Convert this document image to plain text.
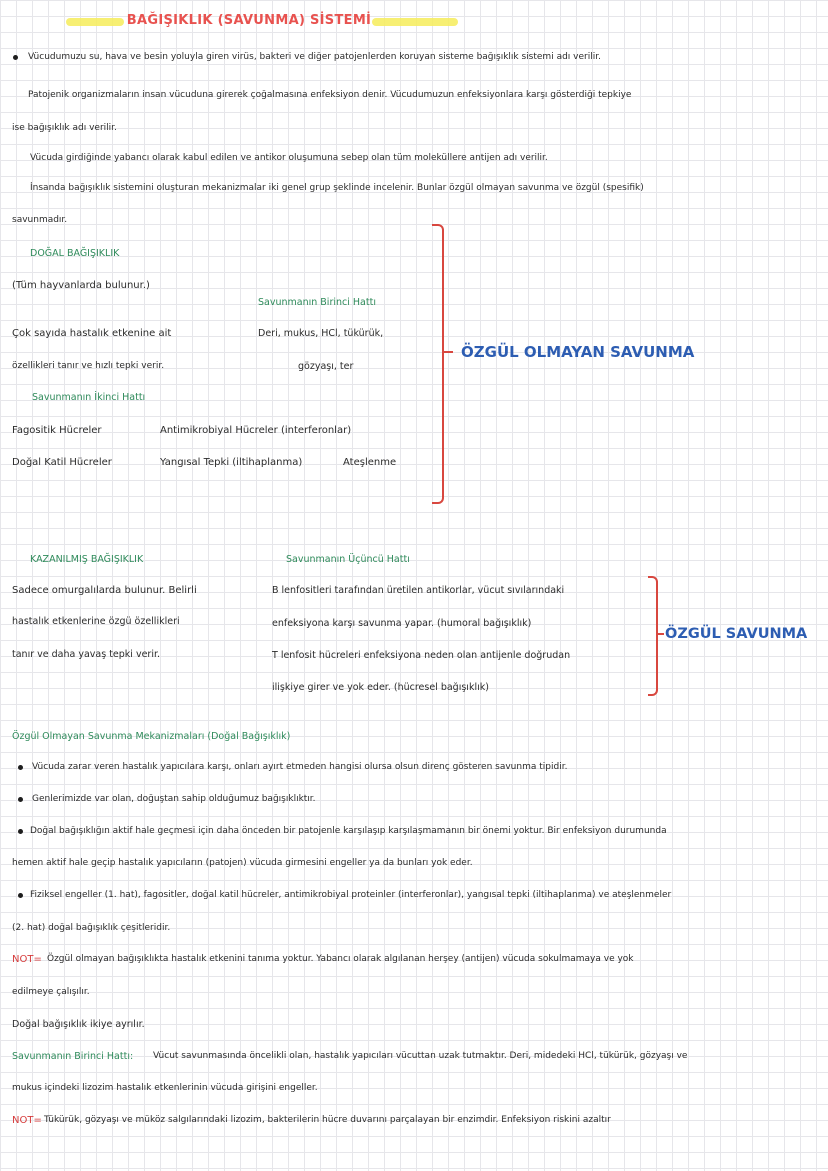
BAĞIŞIKLIK (SAVUNMA) SİSTEMİ
Vücudumuzu su, hava ve besin yoluyla giren virüs, bakteri ve diğer patojenlerden koruyan sisteme bağışıklık sistemi adı verilir.
Patojenik organizmaların insan vücuduna girerek çoğalmasına enfeksiyon denir. Vücudumuzun enfeksiyonlara karşı gösterdiği tepkiye
ise bağışıklık adı verilir.
Vücuda girdiğinde yabancı olarak kabul edilen ve antikor oluşumuna sebep olan tüm moleküllere antijen adı verilir.
İnsanda bağışıklık sistemini oluşturan mekanizmalar iki genel grup şeklinde incelenir. Bunlar özgül olmayan savunma ve özgül (spesifik)
savunmadır.
DOĞAL BAĞIŞIKLIK
(Tüm hayvanlarda bulunur.)
Savunmanın Birinci Hattı
Çok sayıda hastalık etkenine ait	Deri, mukus, HCl, tükürük,
özellikleri tanır ve hızlı tepki verir.	gözyaşı, ter
Savunmanın İkinci Hattı
Fagositik Hücreler	Antimikrobiyal Hücreler (interferonlar)
Doğal Katil Hücreler	Yangısal Tepki (iltihaplanma)	Ateşlenme
ÖZGÜL OLMAYAN SAVUNMA
KAZANILMIŞ BAĞIŞIKLIK	Savunmanın Üçüncü Hattı
Sadece omurgalılarda bulunur. Belirli	B lenfositleri tarafından üretilen antikorlar, vücut sıvılarındaki
hastalık etkenlerine özgü özellikleri	enfeksiyona karşı savunma yapar. (humoral bağışıklık)
tanır ve daha yavaş tepki verir.	T lenfosit hücreleri enfeksiyona neden olan antijenle doğrudan
ilişkiye girer ve yok eder. (hücresel bağışıklık)
ÖZGÜL SAVUNMA
Özgül Olmayan Savunma Mekanizmaları (Doğal Bağışıklık)
Vücuda zarar veren hastalık yapıcılara karşı, onları ayırt etmeden hangisi olursa olsun direnç gösteren savunma tipidir.
Genlerimizde var olan, doğuştan sahip olduğumuz bağışıklıktır.
Doğal bağışıklığın aktif hale geçmesi için daha önceden bir patojenle karşılaşıp karşılaşmamanın bir önemi yoktur. Bir enfeksiyon durumunda
hemen aktif hale geçip hastalık yapıcıların (patojen) vücuda girmesini engeller ya da bunları yok eder.
Fiziksel engeller (1. hat), fagositler, doğal katil hücreler, antimikrobiyal proteinler (interferonlar), yangısal tepki (iltihaplanma) ve ateşlenmeler
(2. hat) doğal bağışıklık çeşitleridir.
NOT= Özgül olmayan bağışıklıkta hastalık etkenini tanıma yoktur. Yabancı olarak algılanan herşey (antijen) vücuda sokulmamaya ve yok
edilmeye çalışılır.
Doğal bağışıklık ikiye ayrılır.
Savunmanın Birinci Hattı: Vücut savunmasında öncelikli olan, hastalık yapıcıları vücuttan uzak tutmaktır. Deri, midedeki HCl, tükürük, gözyaşı ve
mukus içindeki lizozim hastalık etkenlerinin vücuda girişini engeller.
NOT= Tükürük, gözyaşı ve müköz salgılarındaki lizozim, bakterilerin hücre duvarını parçalayan bir enzimdir. Enfeksiyon riskini azaltır
